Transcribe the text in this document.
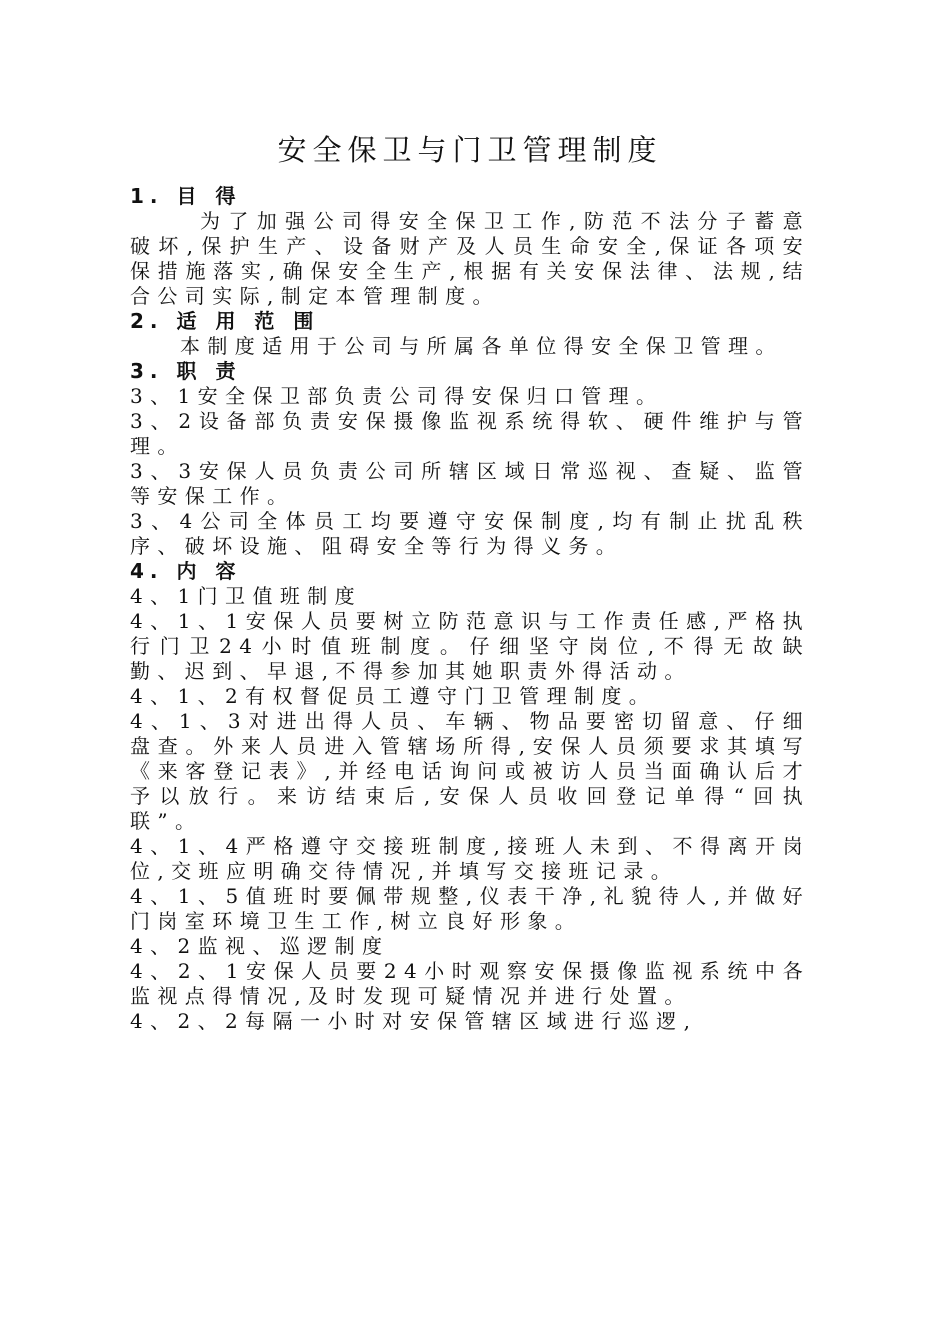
安全保卫与门卫管理制度

1. 目 得

为了加强公司得安全保卫工作,防范不法分子蓄意破坏,保护生产、设备财产及人员生命安全,保证各项安保措施落实,确保安全生产,根据有关安保法律、法规,结合公司实际,制定本管理制度。

2. 适 用 范 围

本制度适用于公司与所属各单位得安全保卫管理。

3. 职 责

3、1安全保卫部负责公司得安保归口管理。

3、2设备部负责安保摄像监视系统得软、硬件维护与管理。

3、3安保人员负责公司所辖区域日常巡视、查疑、监管等安保工作。

3、4公司全体员工均要遵守安保制度,均有制止扰乱秩序、破坏设施、阻碍安全等行为得义务。

4. 内 容

4、1门卫值班制度

4、1、1安保人员要树立防范意识与工作责任感,严格执行门卫24小时值班制度。仔细坚守岗位,不得无故缺勤、迟到、早退,不得参加其她职责外得活动。

4、1、2有权督促员工遵守门卫管理制度。

4、1、3对进出得人员、车辆、物品要密切留意、仔细盘查。外来人员进入管辖场所得,安保人员须要求其填写《来客登记表》,并经电话询问或被访人员当面确认后才予以放行。来访结束后,安保人员收回登记单得“回执联”。

4、1、4严格遵守交接班制度,接班人未到、不得离开岗位,交班应明确交待情况,并填写交接班记录。

4、1、5值班时要佩带规整,仪表干净,礼貌待人,并做好门岗室环境卫生工作,树立良好形象。

4、2监视、巡逻制度

4、2、1安保人员要24小时观察安保摄像监视系统中各监视点得情况,及时发现可疑情况并进行处置。

4、2、2每隔一小时对安保管辖区域进行巡逻,
